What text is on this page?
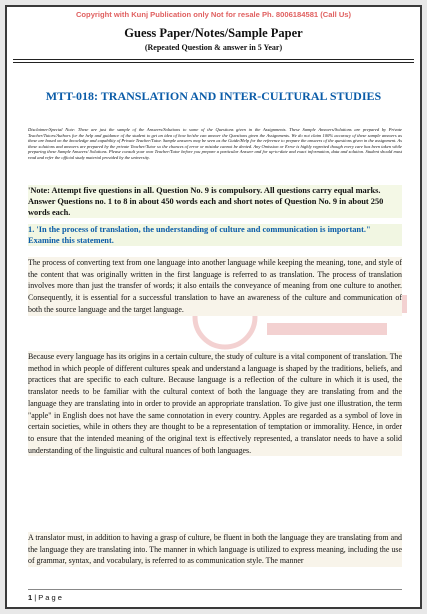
Copyright with Kunj Publication only Not for resale Ph. 8006184581 (Call Us)
Guess Paper/Notes/Sample Paper
(Repeated Question & answer in 5 Year)
MTT-018: TRANSLATION AND INTER-CULTURAL STUDIES
Disclaimer/Special Note: These are just the sample of the Answers/Solutions to some of the Questions given in the Assignments. These Sample Answers/Solutions are prepared by Private Teacher/Tutors/Authors for the help and guidance of the student to get an idea of how he/she can answer the Questions given the Assignments. We do not claim 100% accuracy of these sample answers as these are based on the knowledge and capability of Private Teacher/Tutor. Sample answers may be seen as the Guide/Help for the reference to prepare the answers of the questions given in the assignment. As these solutions and answers are prepared by the private Teacher/Tutor so the chances of error or mistake cannot be denied. Any Omission or Error is highly regretted though every care has been taken while preparing these Sample Answers/ Solutions. Please consult your own Teacher/Tutor before you prepare a particular Answer and for up-to-date and exact information, data and solution. Student should must read and refer the official study material provided by the university.
'Note: Attempt five questions in all. Question No. 9 is compulsory. All questions carry equal marks. Answer Questions no. 1 to 8 in about 450 words each and short notes of Question No. 9 in about 250 words each.
1. 'In the process of translation, the understanding of culture and communication is important." Examine this statement.
The process of converting text from one language into another language while keeping the meaning, tone, and style of the content that was originally written in the first language is referred to as translation. The process of translation involves more than just the transfer of words; it also entails the conveyance of meaning from one culture to another. Consequently, it is essential for a successful translation to have an awareness of the culture and communication of both the source language and the target language.
Because every language has its origins in a certain culture, the study of culture is a vital component of translation. The method in which people of different cultures speak and understand a language is shaped by the traditions, beliefs, and practices that are specific to each culture. Because language is a reflection of the culture in which it is used, the translator needs to be familiar with the cultural context of both the language they are translating from and the language they are translating into in order to provide an appropriate translation. To give just one illustration, the term "apple" in English does not have the same connotation in every country. Apples are regarded as a symbol of love in certain societies, while in others they are thought to be a representation of temptation or immorality. Hence, in order to ensure that the intended meaning of the original text is effectively represented, a translator needs to have a solid understanding of the linguistic and cultural nuances of both languages.
A translator must, in addition to having a grasp of culture, be fluent in both the language they are translating from and the language they are translating into. The manner in which language is utilized to express meaning, including the use of grammar, syntax, and vocabulary, is referred to as communication style. The manner
1 | P a g e
